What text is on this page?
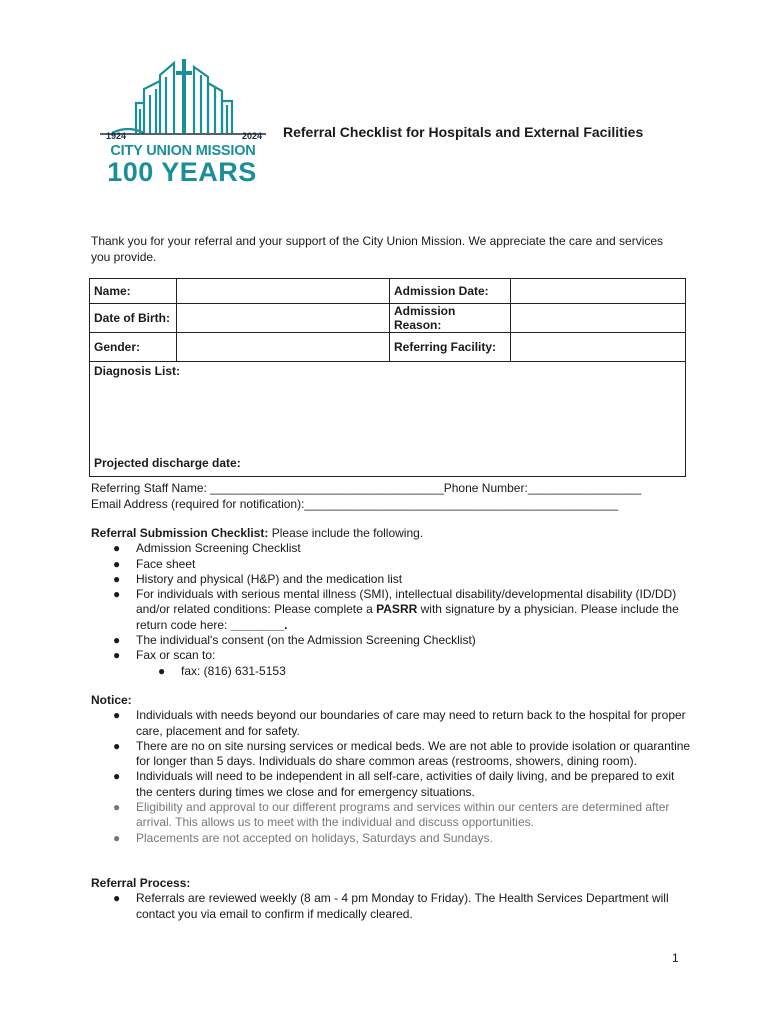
1924	2024
CITY UNION MISSION
100 YEARS
Referral Checklist for Hospitals and External Facilities
Thank you for your referral and your support of the City Union Mission. We appreciate the care and services you provide.
Name:		Admission Date:	
Date of Birth:		Admission Reason:	
Gender:		Referring Facility:	

Diagnosis List:
Projected discharge date:			
Referring Staff Name: ___________________________________Phone Number:_________________
Email Address (required for notification):_______________________________________________
Referral Submission Checklist: Please include the following.
● Admission Screening Checklist
● Face sheet
● History and physical (H&P) and the medication list
● For individuals with serious mental illness (SMI), intellectual disability/developmental disability (ID/DD) and/or related conditions: Please complete a PASRR with signature by a physician. Please include the return code here: ________.
● The individual's consent (on the Admission Screening Checklist)
● Fax or scan to:
● fax: (816) 631-5153
Notice:
● Individuals with needs beyond our boundaries of care may need to return back to the hospital for proper care, placement and for safety.
● There are no on site nursing services or medical beds. We are not able to provide isolation or quarantine for longer than 5 days. Individuals do share common areas (restrooms, showers, dining room).
● Individuals will need to be independent in all self-care, activities of daily living, and be prepared to exit the centers during times we close and for emergency situations.
● Eligibility and approval to our different programs and services within our centers are determined after arrival. This allows us to meet with the individual and discuss opportunities.
● Placements are not accepted on holidays, Saturdays and Sundays.
Referral Process:
● Referrals are reviewed weekly (8 am - 4 pm Monday to Friday). The Health Services Department will contact you via email to confirm if medically cleared.
1
